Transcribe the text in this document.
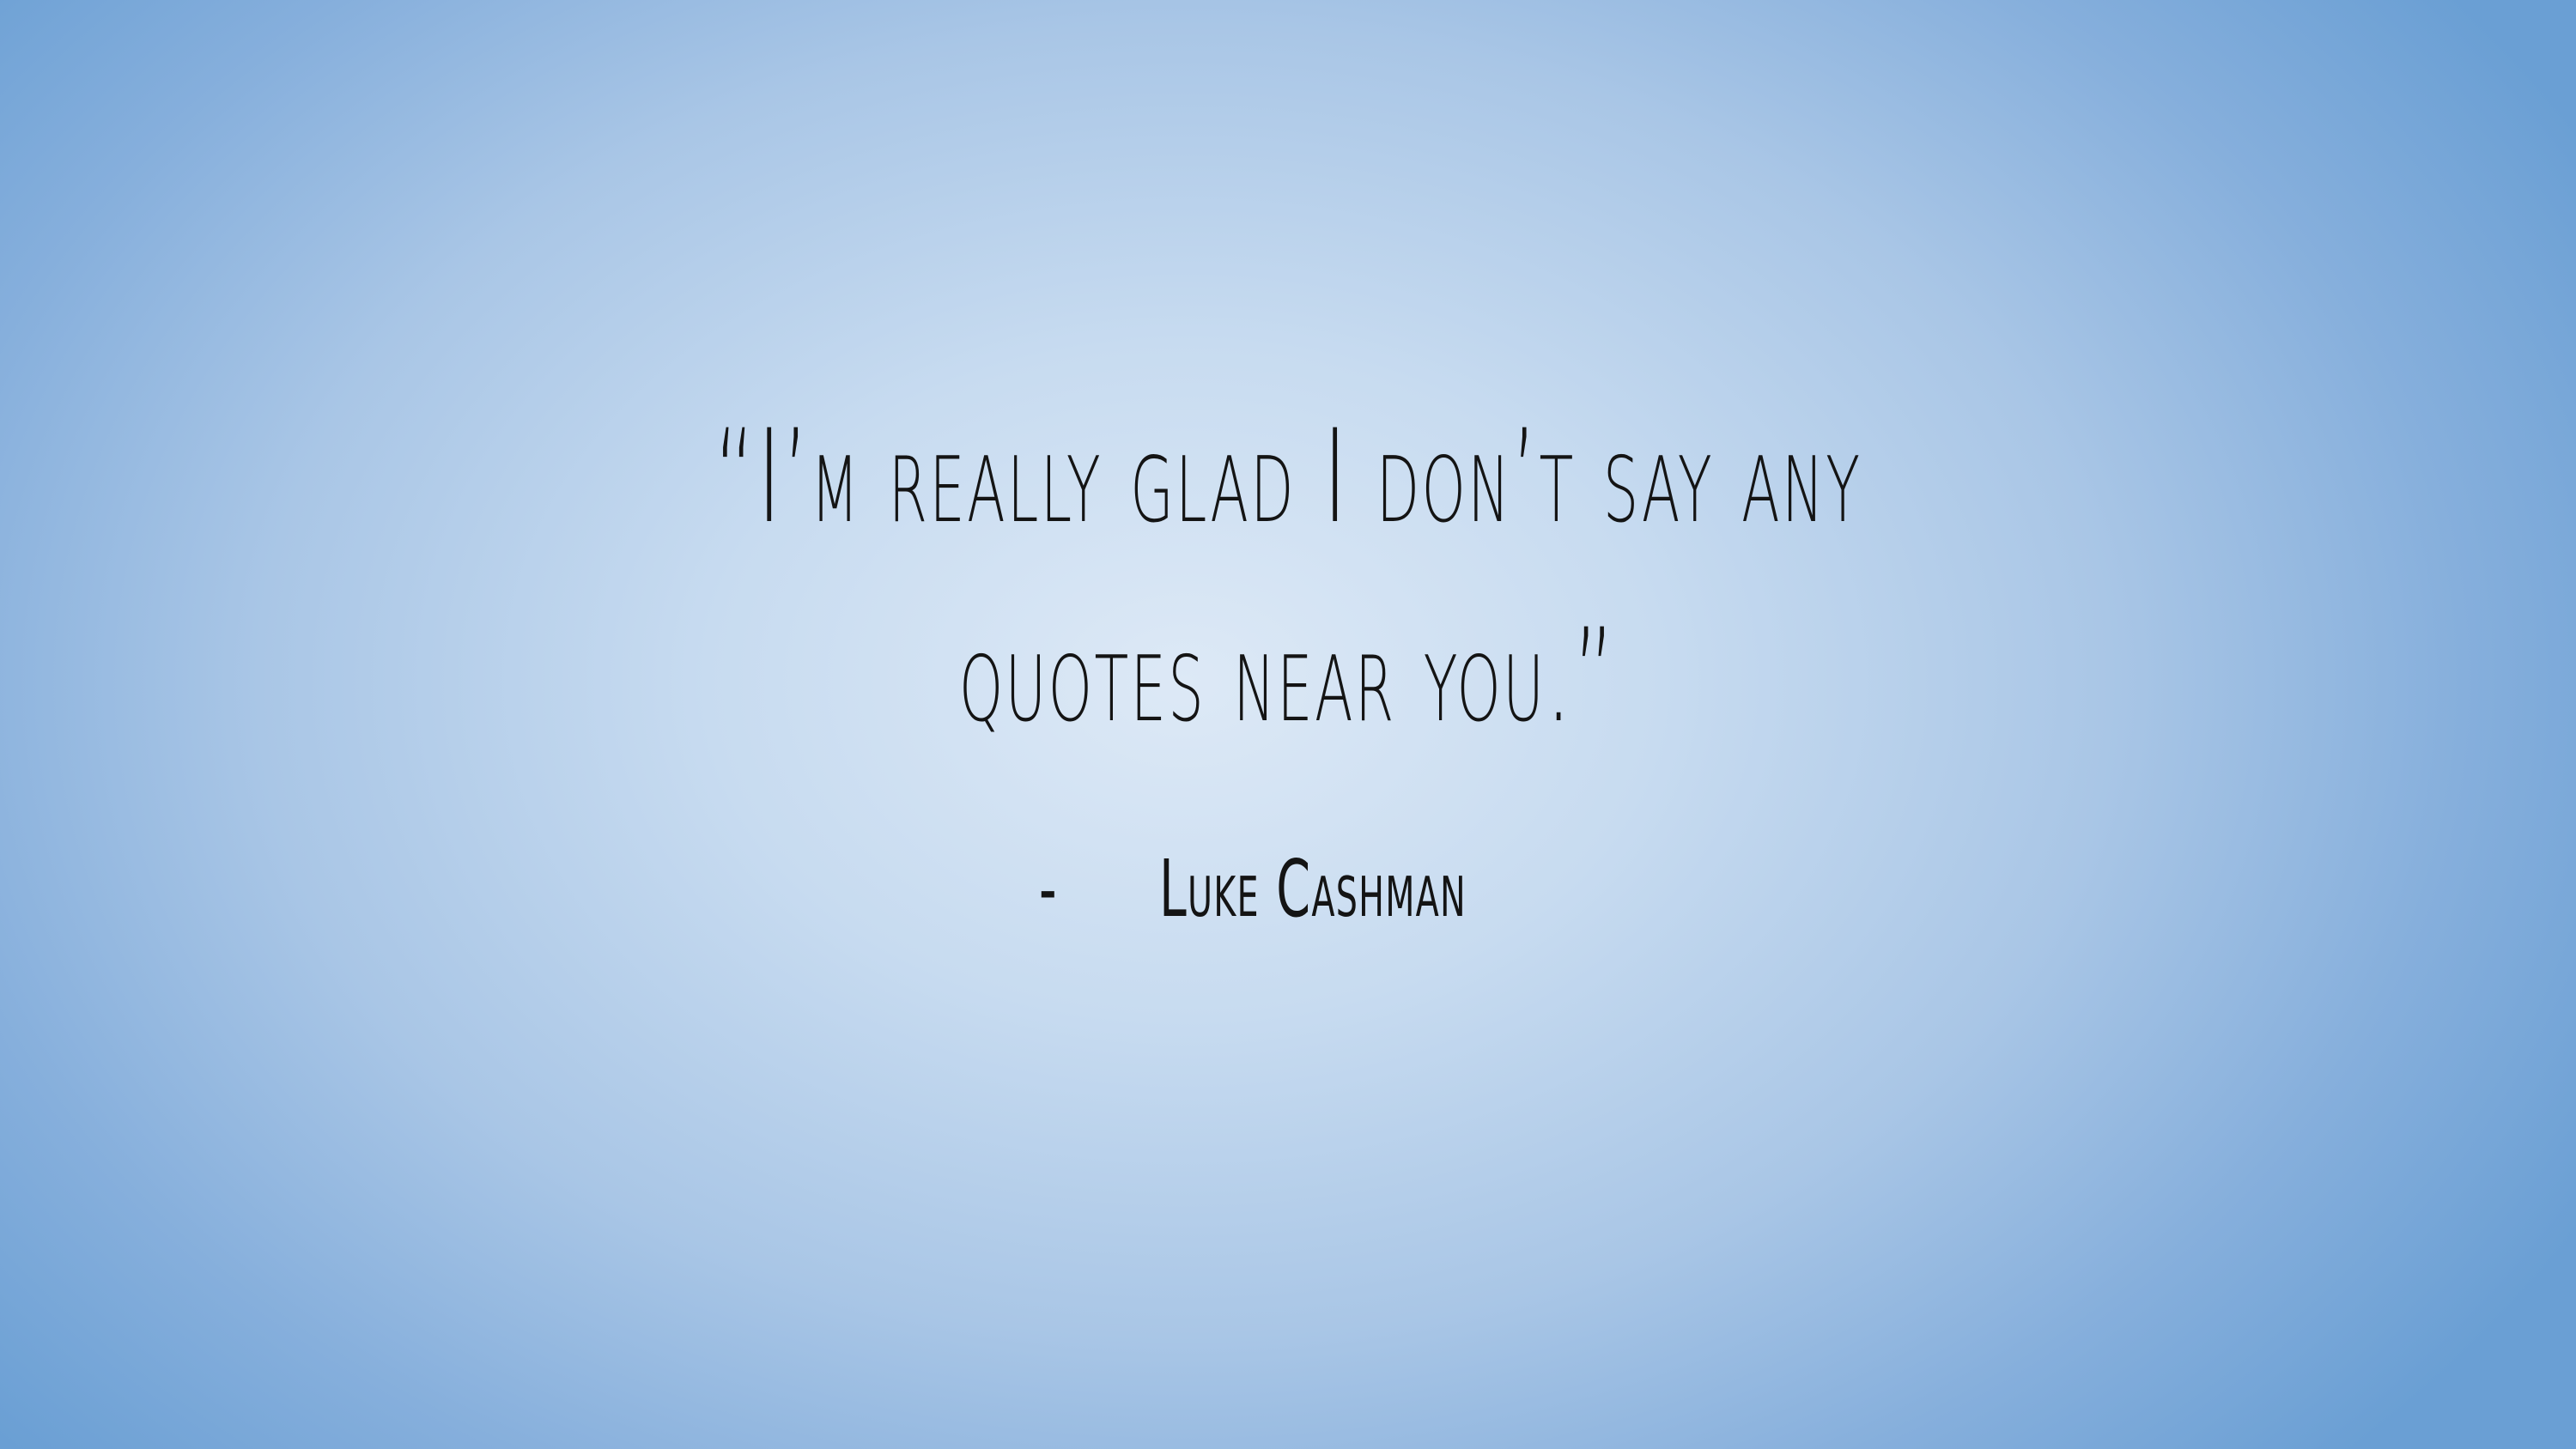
“I’m really glad I don’t say any quotes near you.”

-	Luke Cashman
